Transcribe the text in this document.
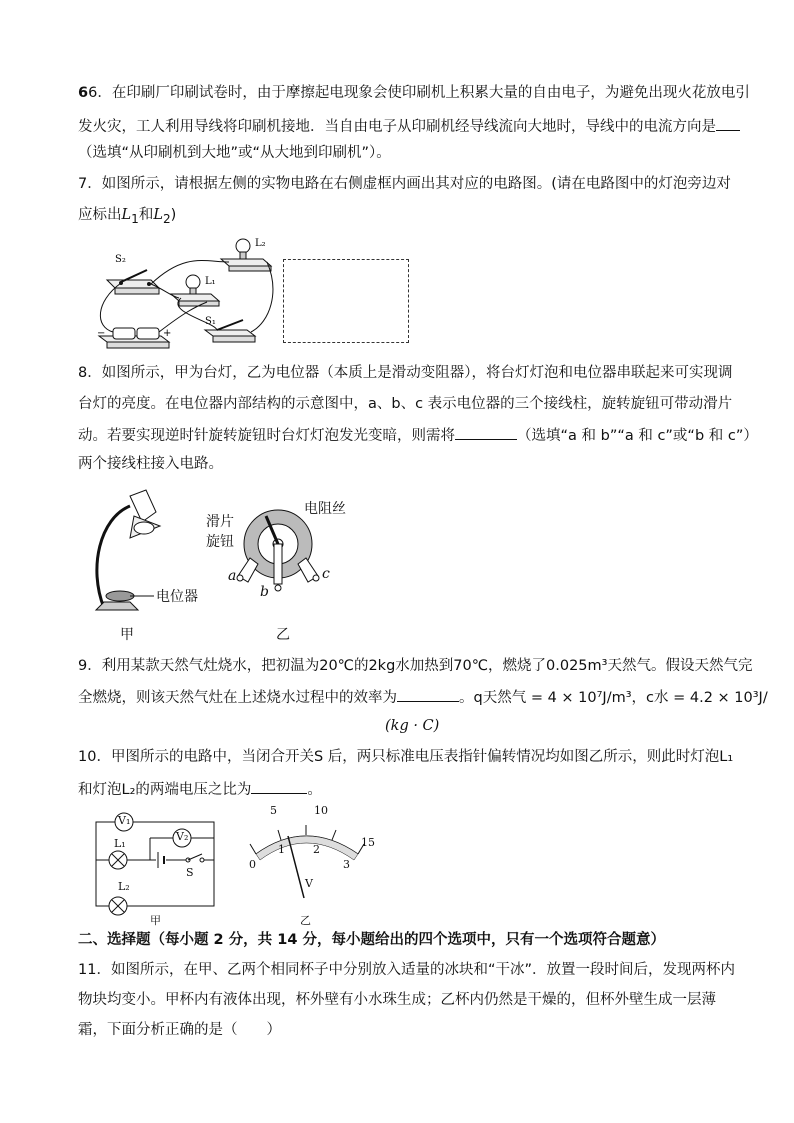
66．在印刷厂印刷试卷时，由于摩擦起电现象会使印刷机上积累大量的自由电子，为避免出现火花放电引
发火灾，工人利用导线将印刷机接地．当自由电子从印刷机经导线流向大地时，导线中的电流方向是
（选填“从印刷机到大地”或“从大地到印刷机”）。
7．如图所示，请根据左侧的实物电路在右侧虚框内画出其对应的电路图。(请在电路图中的灯泡旁边对
应标出$L_1$和$L_2$)
S₂
L₂
L₁
−	+
S₁
8．如图所示，甲为台灯，乙为电位器（本质上是滑动变阻器），将台灯灯泡和电位器串联起来可实现调
台灯的亮度。在电位器内部结构的示意图中，a、b、c 表示电位器的三个接线柱，旋转旋钮可带动滑片
动。若要实现逆时针旋转旋钮时台灯灯泡发光变暗，则需将	（选填“a 和 b”“a 和 c”或“b 和 c”）
两个接线柱接入电路。
电位器
甲
滑片
旋钮
电阻丝
a
b
c
乙
9．利用某款天然气灶烧水，把初温为20℃的2kg水加热到70℃，燃烧了0.025m³天然气。假设天然气完
全燃烧，则该天然气灶在上述烧水过程中的效率为	。q天然气 = 4 × 10⁷J/m³，c水 = 4.2 × 10³J/
(kg · C)
10．甲图所示的电路中，当闭合开关S 后，两只标准电压表指针偏转情况均如图乙所示，则此时灯泡L₁
和灯泡L₂的两端电压之比为	。
V₁
V₂
L₁
S
L₂
甲
5	10
15
0
1	2
3
V
乙
二、选择题（每小题 2 分，共 14 分，每小题给出的四个选项中，只有一个选项符合题意）
11．如图所示，在甲、乙两个相同杯子中分别放入适量的冰块和“干冰”．放置一段时间后，发现两杯内
物块均变小。甲杯内有液体出现，杯外壁有小水珠生成；乙杯内仍然是干燥的，但杯外壁生成一层薄
霜，下面分析正确的是（　　）
